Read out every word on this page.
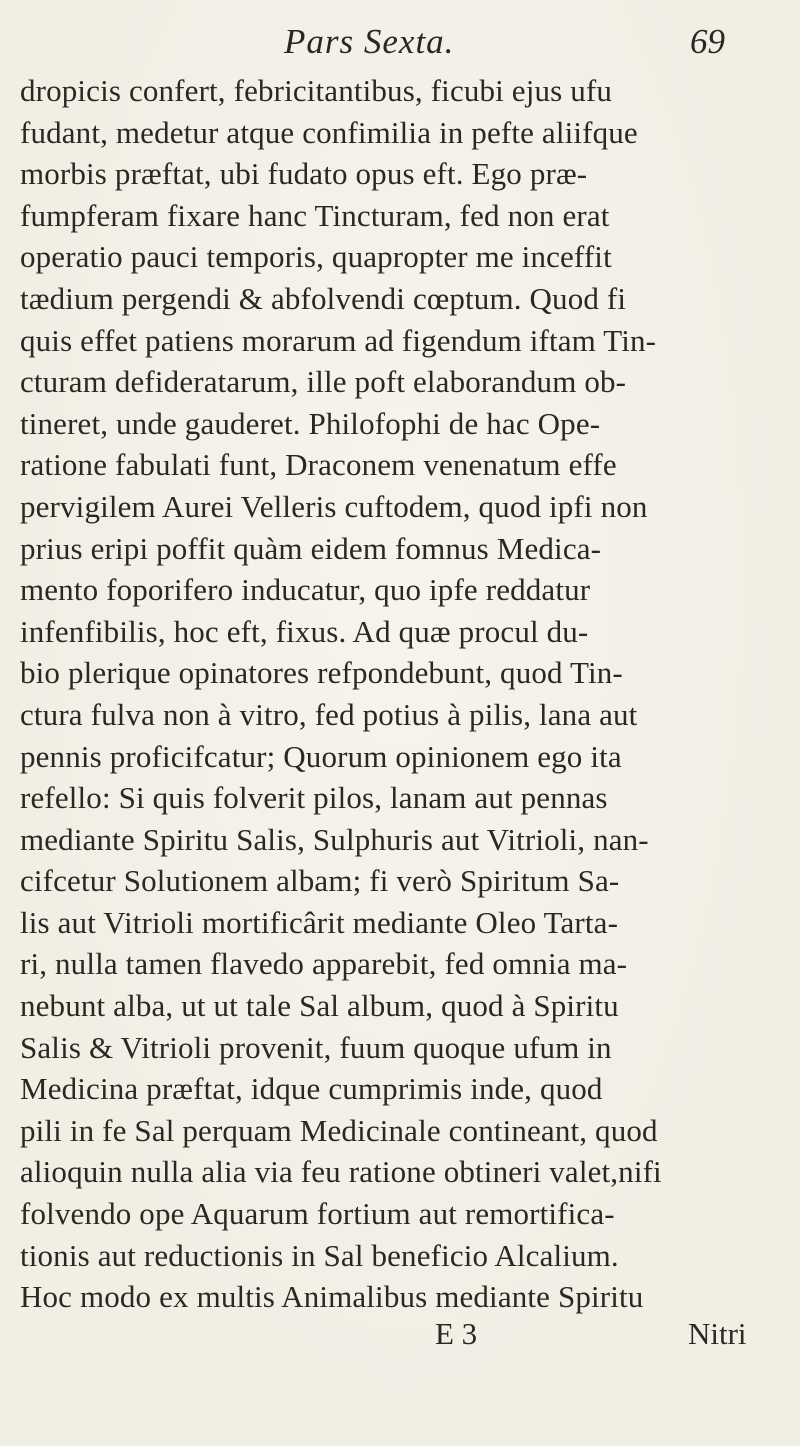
Pars Sexta.	69
dropicis confert, febricitantibus, ficubi ejus ufu
fudant, medetur atque confimilia in pefte aliifque
morbis præftat, ubi fudato opus eft. Ego præ-
fumpferam fixare hanc Tincturam, fed non erat
operatio pauci temporis, quapropter me inceffit
tædium pergendi & abfolvendi cœptum. Quod fi
quis effet patiens morarum ad figendum iftam Tin-
cturam defideratarum, ille poft elaborandum ob-
tineret, unde gauderet. Philofophi de hac Ope-
ratione fabulati funt, Draconem venenatum effe
pervigilem Aurei Velleris cuftodem, quod ipfi non
prius eripi poffit quàm eidem fomnus Medica-
mento foporifero inducatur, quo ipfe reddatur
infenfibilis, hoc eft, fixus. Ad quæ procul du-
bio plerique opinatores refpondebunt, quod Tin-
ctura fulva non à vitro, fed potius à pilis, lana aut
pennis proficifcatur; Quorum opinionem ego ita
refello: Si quis folverit pilos, lanam aut pennas
mediante Spiritu Salis, Sulphuris aut Vitrioli, nan-
cifcetur Solutionem albam; fi verò Spiritum Sa-
lis aut Vitrioli mortificârit mediante Oleo Tarta-
ri, nulla tamen flavedo apparebit, fed omnia ma-
nebunt alba, ut ut tale Sal album, quod à Spiritu
Salis & Vitrioli provenit, fuum quoque ufum in
Medicina præftat, idque cumprimis inde, quod
pili in fe Sal perquam Medicinale contineant, quod
alioquin nulla alia via feu ratione obtineri valet,nifi
folvendo ope Aquarum fortium aut remortifica-
tionis aut reductionis in Sal beneficio Alcalium.
Hoc modo ex multis Animalibus mediante Spiritu
E 3	Nitri
